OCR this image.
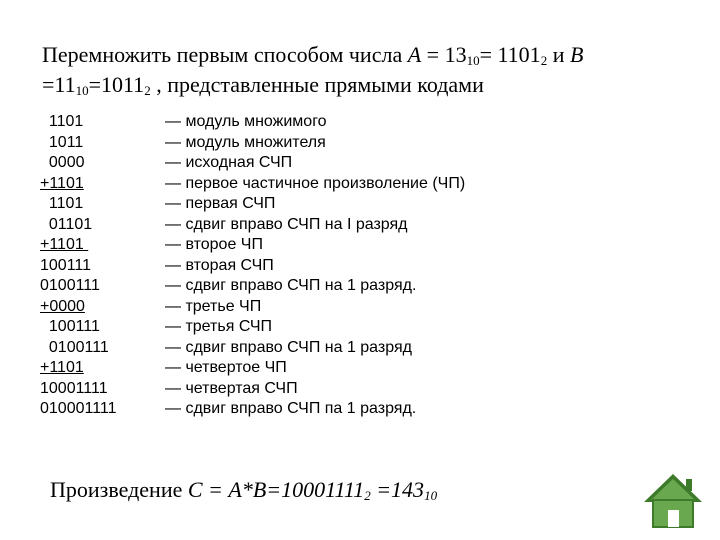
Перемножить первым способом числа $A = 13_{10}= 1101_2$ и B
$=11_{10}=1011_2$ , представленные прямыми кодами
1101	— модуль множимого
1011	— модуль множителя
0000	— исходная СЧП
+1101	— первое частичное произволение (ЧП)
1101	— первая СЧП
01101	— сдвиг вправо СЧП на I разряд
+1101	— второе ЧП
100111	— вторая СЧП
0100111	— сдвиг вправо СЧП на 1 разряд.
+0000	— третье ЧП
100111	— третья СЧП
0100111	— сдвиг вправо СЧП на 1 разряд
+1101	— четвертое ЧП
10001111	— четвертая СЧП
010001111	— сдвиг вправо СЧП па 1 разряд.
Произведение $С = А*В=10001111_2 =143_{10}$
